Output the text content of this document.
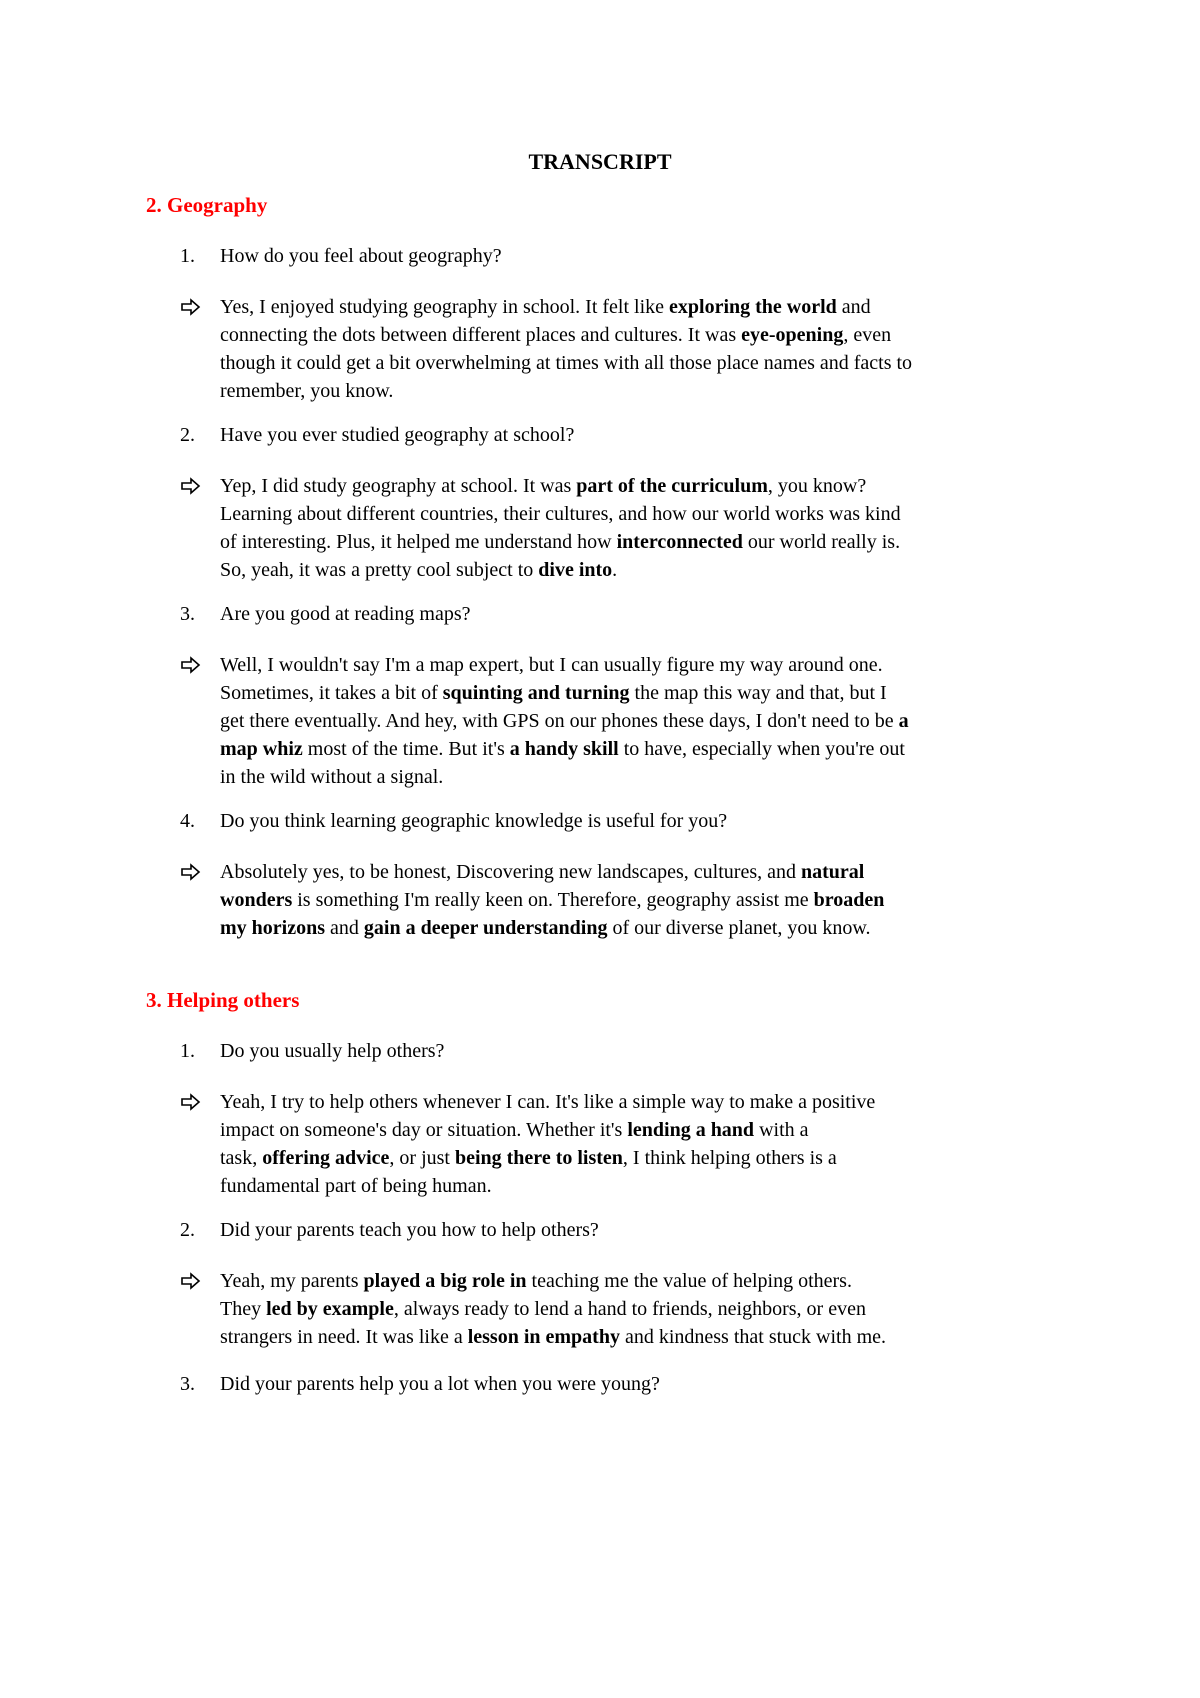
TRANSCRIPT
2. Geography
1. How do you feel about geography?
Yes, I enjoyed studying geography in school. It felt like exploring the world and
connecting the dots between different places and cultures. It was eye-opening, even
though it could get a bit overwhelming at times with all those place names and facts to
remember, you know.
2. Have you ever studied geography at school?
Yep, I did study geography at school. It was part of the curriculum, you know?
Learning about different countries, their cultures, and how our world works was kind
of interesting. Plus, it helped me understand how interconnected our world really is.
So, yeah, it was a pretty cool subject to dive into.
3. Are you good at reading maps?
Well, I wouldn't say I'm a map expert, but I can usually figure my way around one.
Sometimes, it takes a bit of squinting and turning the map this way and that, but I
get there eventually. And hey, with GPS on our phones these days, I don't need to be a
map whiz most of the time. But it's a handy skill to have, especially when you're out
in the wild without a signal.
4. Do you think learning geographic knowledge is useful for you?
Absolutely yes, to be honest, Discovering new landscapes, cultures, and natural
wonders is something I'm really keen on. Therefore, geography assist me broaden
my horizons and gain a deeper understanding of our diverse planet, you know.
3. Helping others
1. Do you usually help others?
Yeah, I try to help others whenever I can. It's like a simple way to make a positive
impact on someone's day or situation. Whether it's lending a hand with a
task, offering advice, or just being there to listen, I think helping others is a
fundamental part of being human.
2. Did your parents teach you how to help others?
Yeah, my parents played a big role in teaching me the value of helping others.
They led by example, always ready to lend a hand to friends, neighbors, or even
strangers in need. It was like a lesson in empathy and kindness that stuck with me.
3. Did your parents help you a lot when you were young?
